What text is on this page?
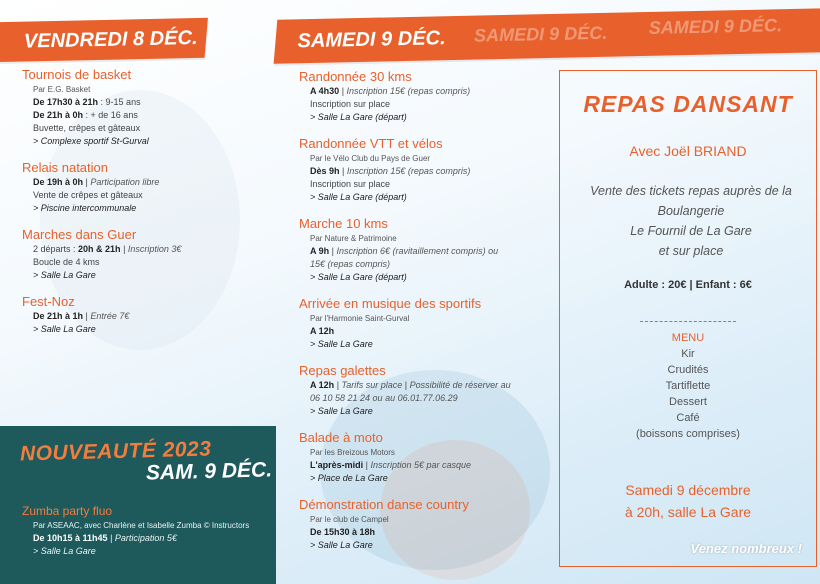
VENDREDI 8 DÉC.	SAMEDI 9 DÉC. SAMEDI 9 DÉC. SAMEDI 9 DÉC.
Tournois de basket
Par E.G. Basket
De 17h30 à 21h : 9-15 ans
De 21h à 0h : + de 16 ans
Buvette, crêpes et gâteaux
> Complexe sportif St-Gurval
Relais natation
De 19h à 0h | Participation libre
Vente de crêpes et gâteaux
> Piscine intercommunale
Marches dans Guer
2 départs : 20h & 21h | Inscription 3€
Boucle de 4 kms
> Salle La Gare
Fest-Noz
De 21h à 1h | Entrée 7€
> Salle La Gare
Randonnée 30 kms
A 4h30 | Inscription 15€ (repas compris)
Inscription sur place
> Salle La Gare (départ)
Randonnée VTT et vélos
Par le Vélo Club du Pays de Guer
Dès 9h | Inscription 15€ (repas compris)
Inscription sur place
> Salle La Gare (départ)
Marche 10 kms
Par Nature & Patrimoine
A 9h | Inscription 6€ (ravitaillement compris) ou
15€ (repas compris)
> Salle La Gare (départ)
Arrivée en musique des sportifs
Par l'Harmonie Saint-Gurval
A 12h
> Salle La Gare
Repas galettes
A 12h | Tarifs sur place | Possibilité de réserver au
06 10 58 21 24 ou au 06.01.77.06.29
> Salle La Gare
Balade à moto
Par les Breizous Motors
L'après-midi | Inscription 5€ par casque
> Place de La Gare
Démonstration danse country
Par le club de Campel
De 15h30 à 18h
> Salle La Gare
NOUVEAUTÉ 2023
SAM. 9 DÉC.
Zumba party fluo
Par ASEAAC, avec Charlène et Isabelle Zumba © Instructors
De 10h15 à 11h45 | Participation 5€
> Salle La Gare
REPAS DANSANT
Avec Joël BRIAND
Vente des tickets repas auprès de la
Boulangerie
Le Fournil de La Gare
et sur place
Adulte : 20€ | Enfant : 6€
MENU
Kir
Crudités
Tartiflette
Dessert
Café
(boissons comprises)
Samedi 9 décembre
à 20h, salle La Gare
Venez nombreux !
